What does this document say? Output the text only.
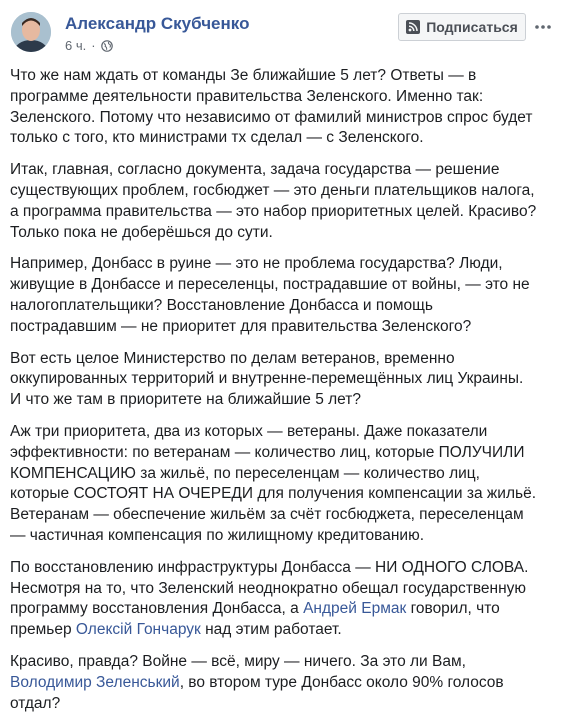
Александр Скубченко
6 ч. ·
Подписаться

Что же нам ждать от команды Зе ближайшие 5 лет? Ответы — в
программе деятельности правительства Зеленского. Именно так:
Зеленского. Потому что независимо от фамилий министров спрос будет
только с того, кто министрами тх сделал — с Зеленского.

Итак, главная, согласно документа, задача государства — решение
существующих проблем, госбюджет — это деньги плательщиков налога,
а программа правительства — это набор приоритетных целей. Красиво?
Только пока не доберёшься до сути.

Например, Донбасс в руине — это не проблема государства? Люди,
живущие в Донбассе и переселенцы, пострадавшие от войны, — это не
налогоплательщики? Восстановление Донбасса и помощь
пострадавшим — не приоритет для правительства Зеленского?

Вот есть целое Министерство по делам ветеранов, временно
оккупированных территорий и внутренне-перемещённых лиц Украины.
И что же там в приоритете на ближайшие 5 лет?

Аж три приоритета, два из которых — ветераны. Даже показатели
эффективности: по ветеранам — количество лиц, которые ПОЛУЧИЛИ
КОМПЕНСАЦИЮ за жильё, по переселенцам — количество лиц,
которые СОСТОЯТ НА ОЧЕРЕДИ для получения компенсации за жильё.
Ветеранам — обеспечение жильём за счёт госбюджета, переселенцам
— частичная компенсация по жилищному кредитованию.

По восстановлению инфраструктуры Донбасса — НИ ОДНОГО СЛОВА.
Несмотря на то, что Зеленский неоднократно обещал государственную
программу восстановления Донбасса, а Андрей Ермак говорил, что
премьер Олексій Гончарук над этим работает.

Красиво, правда? Войне — всё, миру — ничего. За это ли Вам,
Володимир Зеленський, во втором туре Донбасс около 90% голосов
отдал?
